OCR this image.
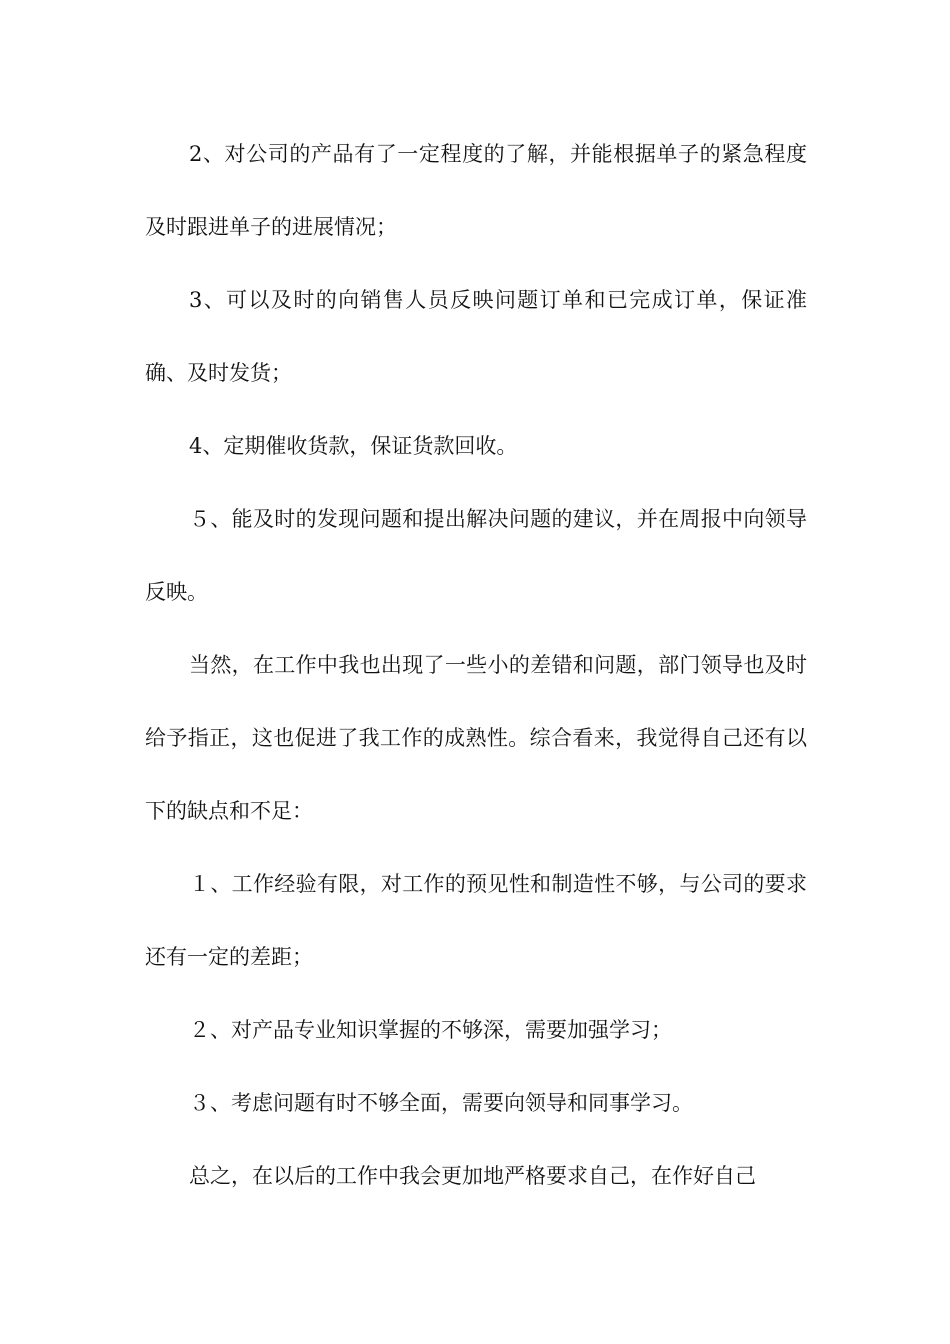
2、对公司的产品有了一定程度的了解，并能根据单子的紧急程度及时跟进单子的进展情况；

3、可以及时的向销售人员反映问题订单和已完成订单，保证准确、及时发货；

4、定期催收货款，保证货款回收。

５、能及时的发现问题和提出解决问题的建议，并在周报中向领导反映。

当然，在工作中我也出现了一些小的差错和问题，部门领导也及时给予指正，这也促进了我工作的成熟性。综合看来，我觉得自己还有以下的缺点和不足：

１、工作经验有限，对工作的预见性和制造性不够，与公司的要求还有一定的差距；

２、对产品专业知识掌握的不够深，需要加强学习；

３、考虑问题有时不够全面，需要向领导和同事学习。

总之，在以后的工作中我会更加地严格要求自己，在作好自己
